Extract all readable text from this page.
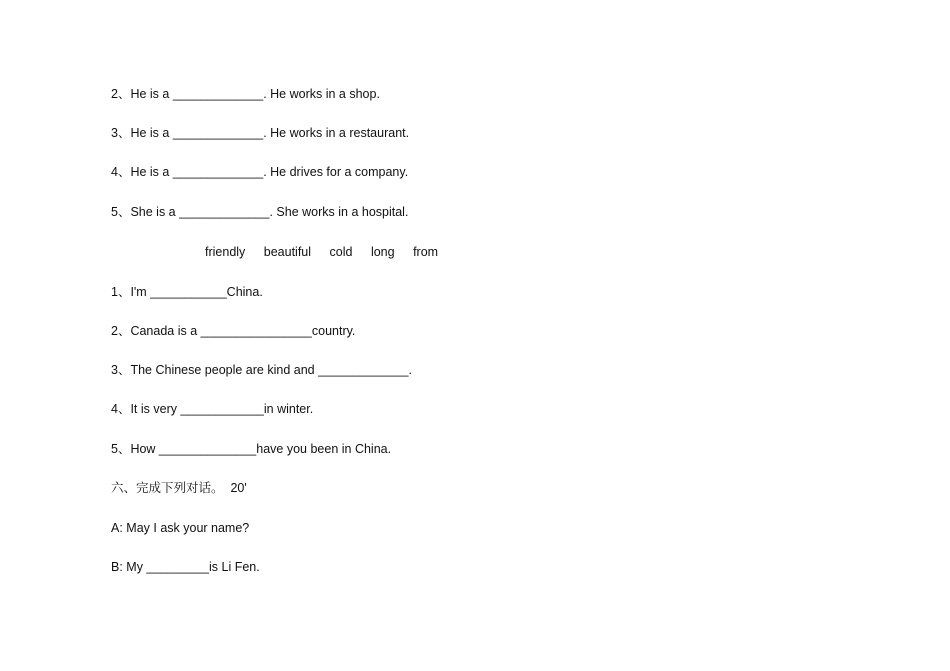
2、He is a _____________. He works in a shop.
3、He is a _____________. He works in a restaurant.
4、He is a _____________. He drives for a company.
5、She is a _____________. She works in a hospital.
friendly beautiful cold long from
1、I'm ___________China.
2、Canada is a ________________country.
3、The Chinese people are kind and _____________.
4、It is very ____________in winter.
5、How ______________have you been in China.
六、完成下列对话。  20'
A: May I ask your name?
B: My _________is Li Fen.
